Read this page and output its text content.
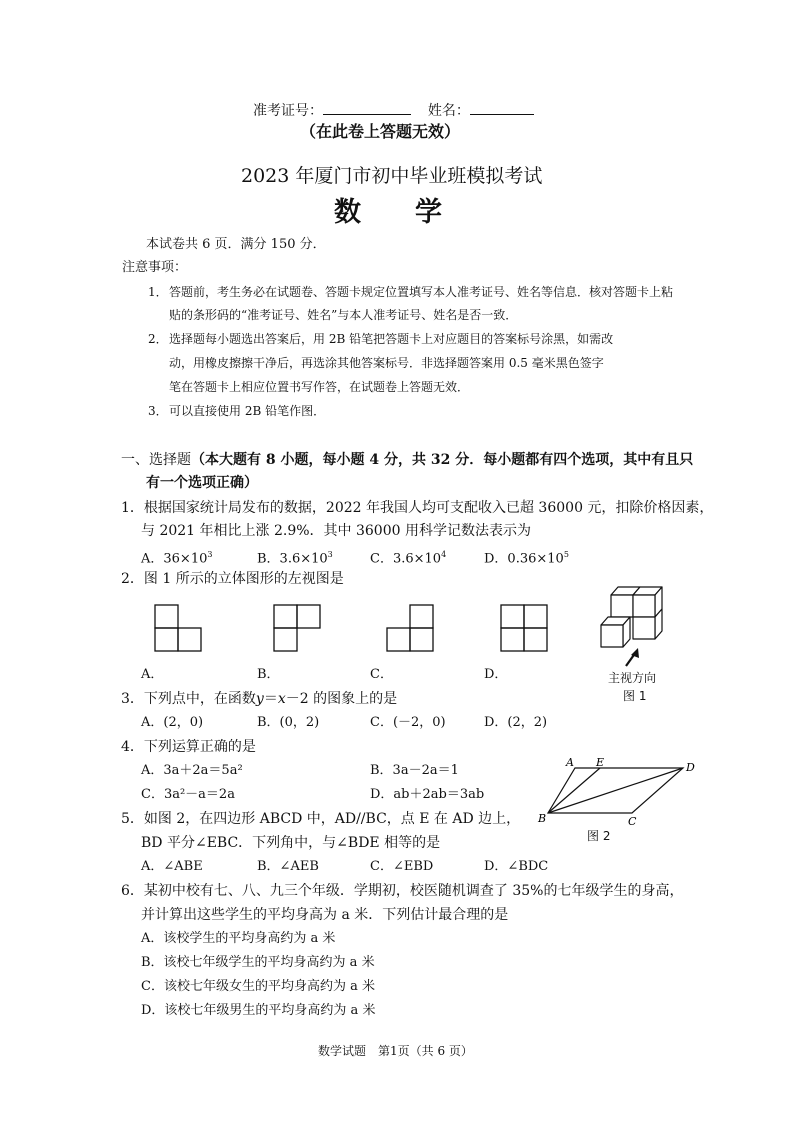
准考证号：	姓名：
（在此卷上答题无效）
2023 年厦门市初中毕业班模拟考试
数　　学
本试卷共 6 页．满分 150 分．
注意事项：
1． 答题前，考生务必在试题卷、答题卡规定位置填写本人准考证号、姓名等信息．核对答题卡上粘
贴的条形码的“准考证号、姓名”与本人准考证号、姓名是否一致．
2． 选择题每小题选出答案后，用 2B 铅笔把答题卡上对应题目的答案标号涂黑，如需改
动，用橡皮擦擦干净后，再选涂其他答案标号．非选择题答案用 0.5 毫米黑色签字
笔在答题卡上相应位置书写作答，在试题卷上答题无效．
3． 可以直接使用 2B 铅笔作图．
一、选择题（本大题有 8 小题，每小题 4 分，共 32 分．每小题都有四个选项，其中有且只
有一个选项正确）
1．根据国家统计局发布的数据，2022 年我国人均可支配收入已超 36000 元，扣除价格因素，
与 2021 年相比上涨 2.9%．其中 36000 用科学记数法表示为
A．$36\times 10^3$	B．$3.6\times 10^3$	C．$3.6\times 10^4$	D．$0.36\times 10^5$
2．图 1 所示的立体图形的左视图是
A．	B．	C．	D．	主视方向
图 1
3．下列点中，在函数y＝x－2 的图象上的是
A．(2，0)	B．(0，2)	C．(－2，0)	D．(2，2)
4．下列运算正确的是
A．3a＋2a＝5a²	B．3a－2a＝1
C．3a²－a＝2a	D．ab＋2ab＝3ab
A E	D
B	C
图 2
5．如图 2，在四边形 ABCD 中，AD//BC，点 E 在 AD 边上，
BD 平分∠EBC．下列角中，与∠BDE 相等的是
A．∠ABE	B．∠AEB	C．∠EBD	D．∠BDC
6．某初中校有七、八、九三个年级．学期初，校医随机调查了 35%的七年级学生的身高，
并计算出这些学生的平均身高为 a 米．下列估计最合理的是
A．该校学生的平均身高约为 a 米
B．该校七年级学生的平均身高约为 a 米
C．该校七年级女生的平均身高约为 a 米
D．该校七年级男生的平均身高约为 a 米
数学试题　第1页（共 6 页）
